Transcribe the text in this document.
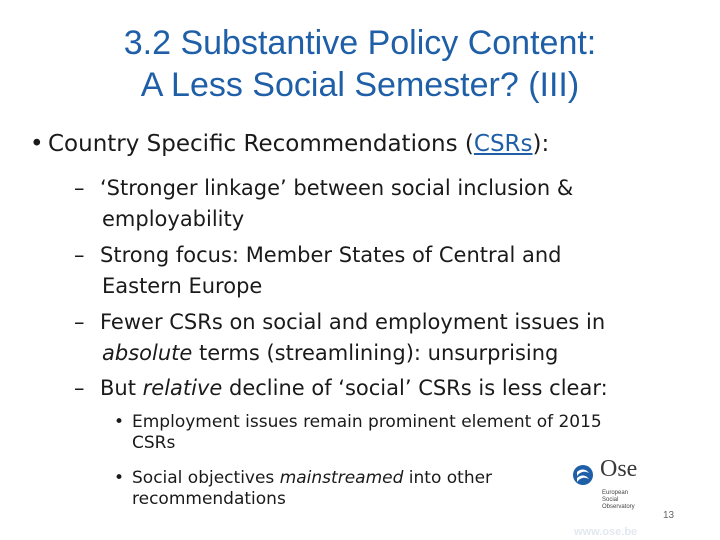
3.2 Substantive Policy Content:
A Less Social Semester? (III)
• Country Specific Recommendations (CSRs):
– ‘Stronger linkage’ between social inclusion &
employability
– Strong focus: Member States of Central and
Eastern Europe
– Fewer CSRs on social and employment issues in
absolute terms (streamlining): unsurprising
– But relative decline of ‘social’ CSRs is less clear:
• Employment issues remain prominent element of 2015
CSRs
• Social objectives mainstreamed into other
recommendations
Ose
European
Social
Observatory
13
www.ose.be
